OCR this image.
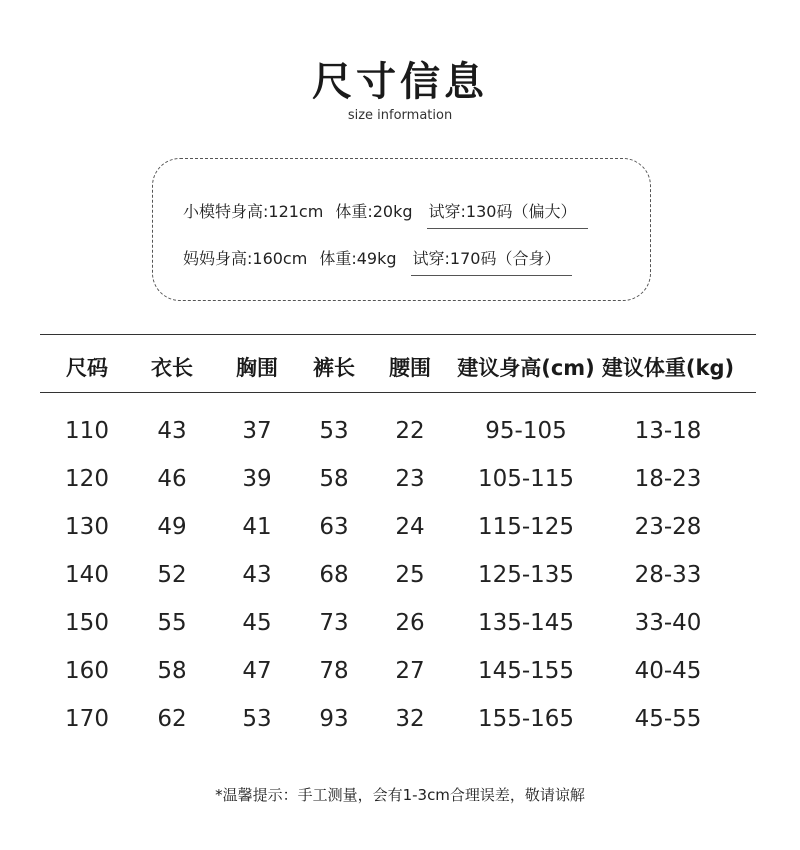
尺寸信息
size information
小模特身高:121cm 体重:20kg 试穿:130码（偏大）
妈妈身高:160cm 体重:49kg 试穿:170码（合身）
尺码 衣长 胸围 裤长 腰围 建议身高(cm) 建议体重(kg)
110 43 37 53 22	95-105	13-18
120 46 39 58 23 105-115	18-23
130 49 41 63 24 115-125	23-28
140 52 43 68 25 125-135	28-33
150 55 45 73 26 135-145	33-40
160 58 47 78 27 145-155	40-45
170 62 53 93 32 155-165	45-55
*温馨提示：手工测量，会有1-3cm合理误差，敬请谅解
